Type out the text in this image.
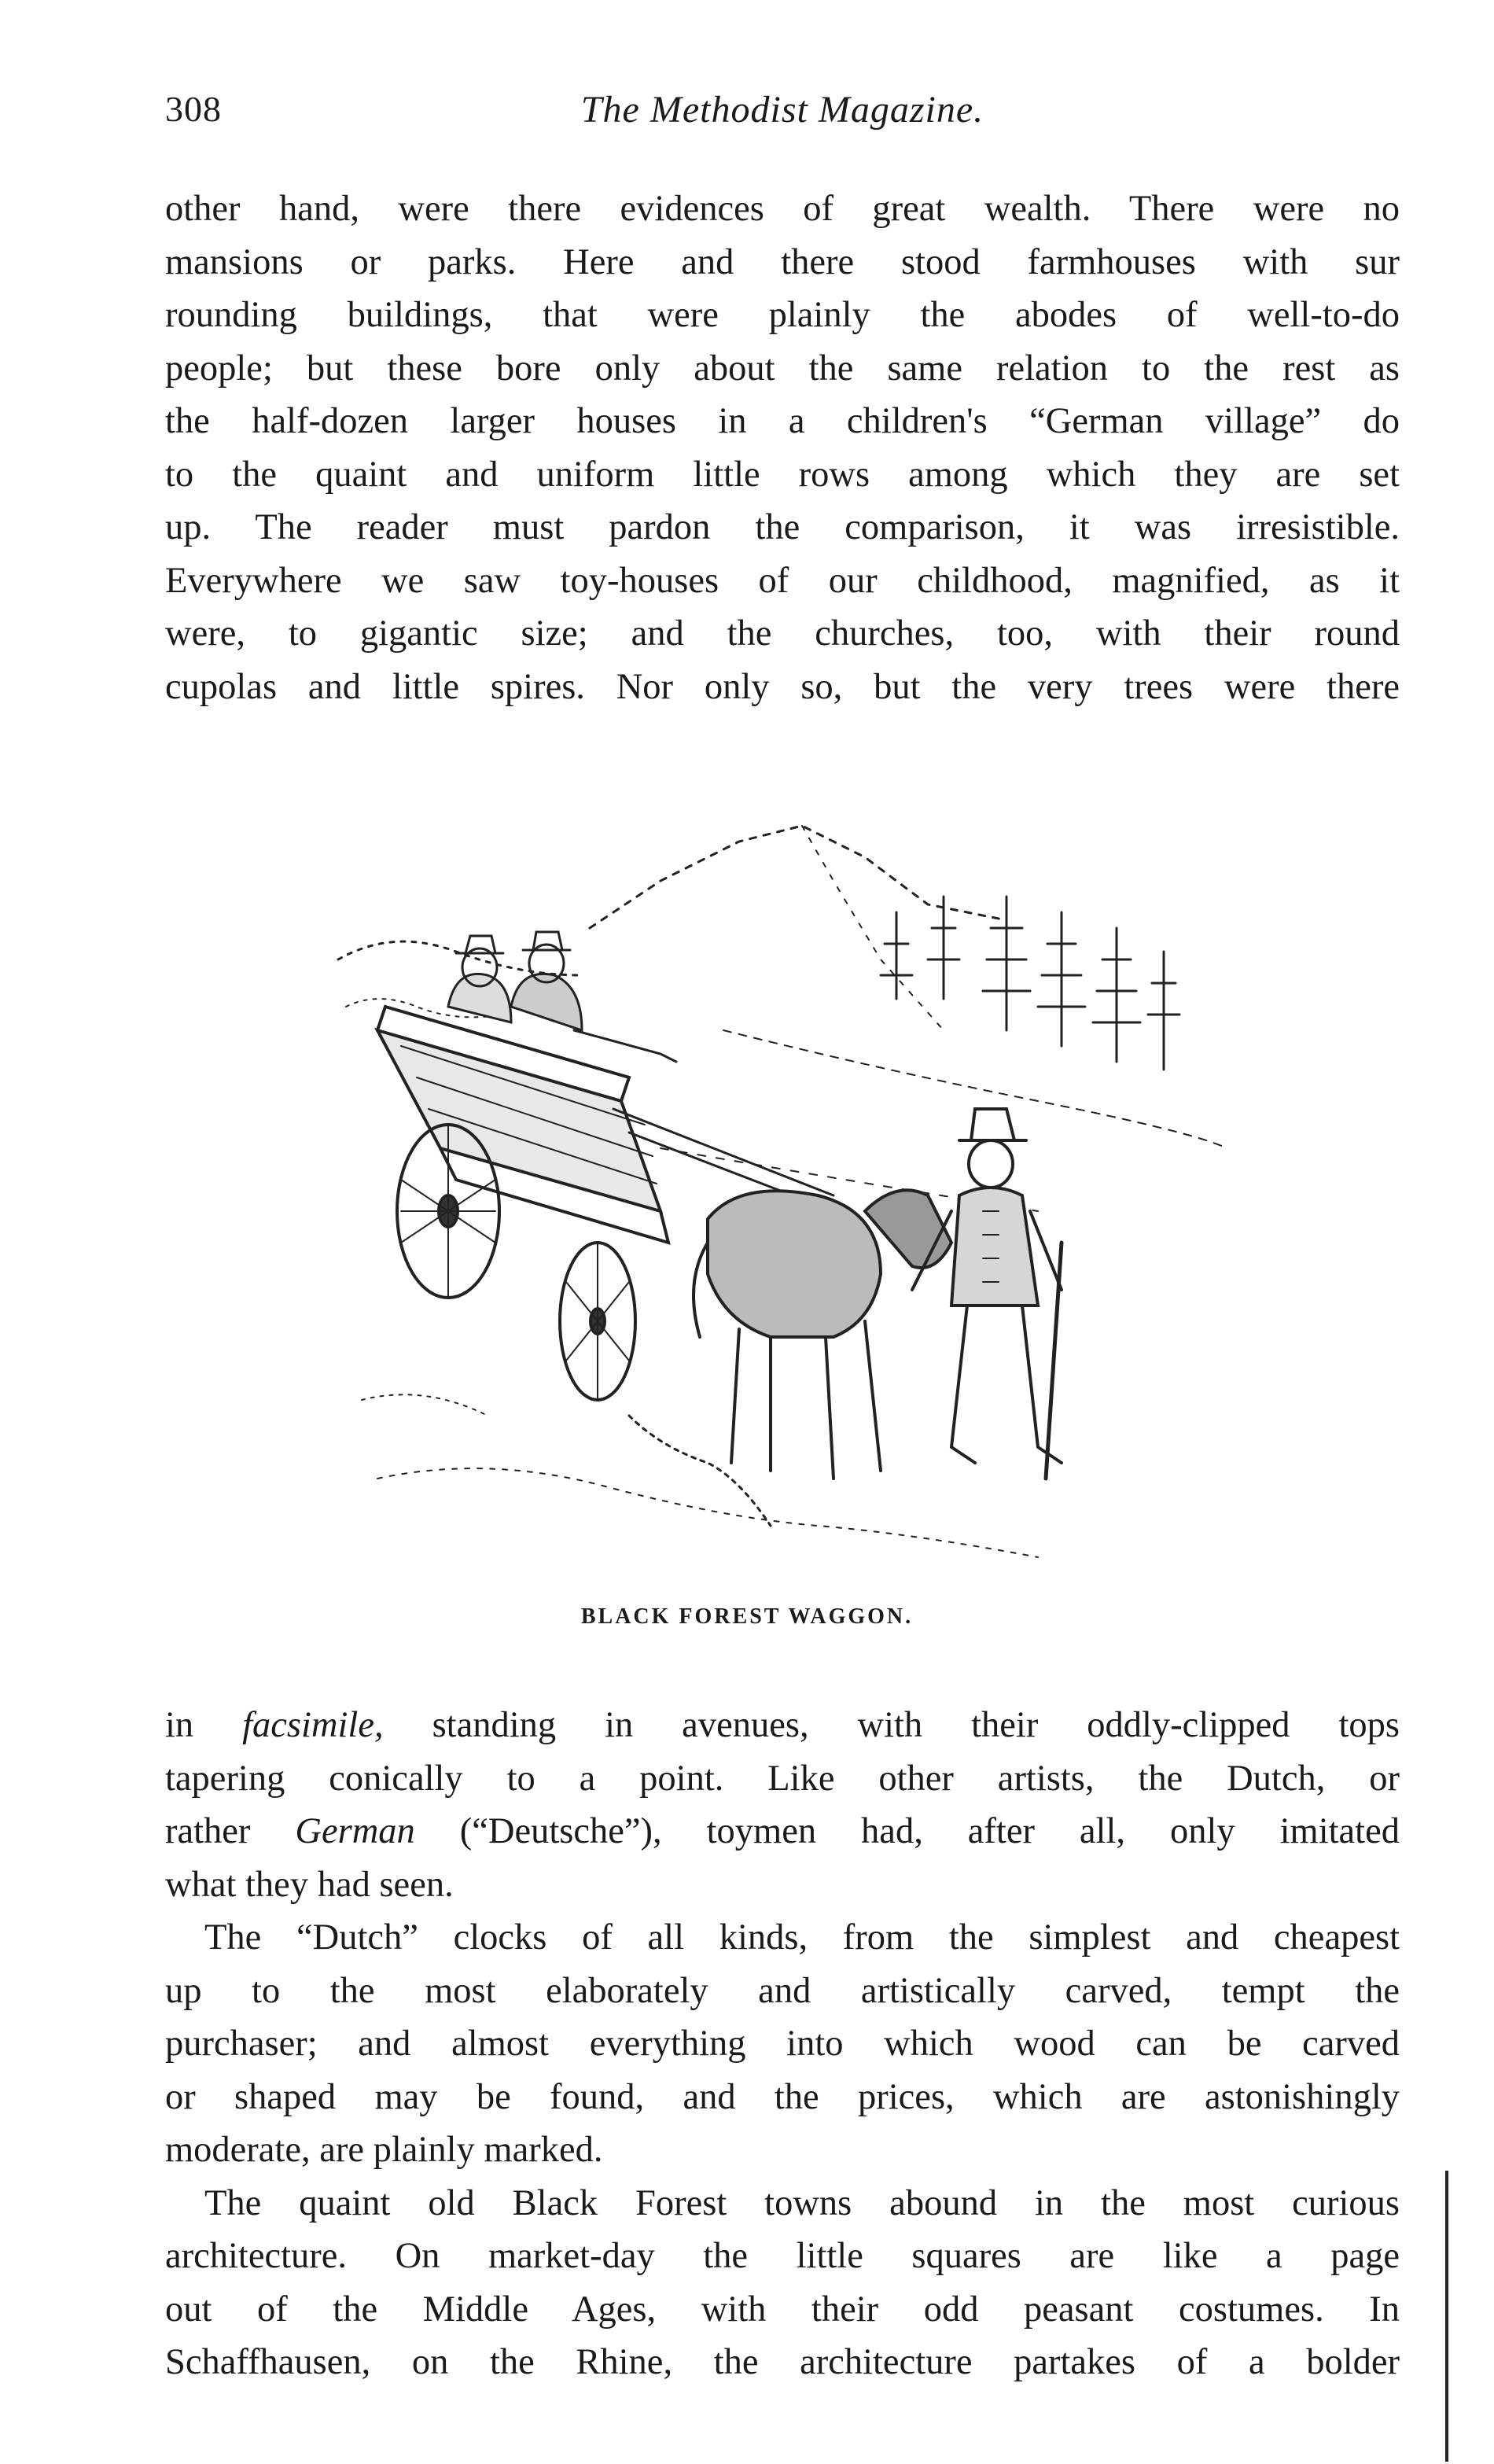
308	The Methodist Magazine.
other hand, were there evidences of great wealth. There were no
mansions or parks. Here and there stood farmhouses with sur
rounding buildings, that were plainly the abodes of well-to-do
people; but these bore only about the same relation to the rest as
the half-dozen larger houses in a children's “German village” do
to the quaint and uniform little rows among which they are set
up. The reader must pardon the comparison, it was irresistible.
Everywhere we saw toy-houses of our childhood, magnified, as it
were, to gigantic size; and the churches, too, with their round
cupolas and little spires. Nor only so, but the very trees were there
BLACK FOREST WAGGON.
in facsimile, standing in avenues, with their oddly-clipped tops
tapering conically to a point. Like other artists, the Dutch, or
rather German (“Deutsche”), toymen had, after all, only imitated
what they had seen.
The “Dutch” clocks of all kinds, from the simplest and cheapest
up to the most elaborately and artistically carved, tempt the
purchaser; and almost everything into which wood can be carved
or shaped may be found, and the prices, which are astonishingly
moderate, are plainly marked.
The quaint old Black Forest towns abound in the most curious
architecture. On market-day the little squares are like a page
out of the Middle Ages, with their odd peasant costumes. In
Schaffhausen, on the Rhine, the architecture partakes of a bolder
